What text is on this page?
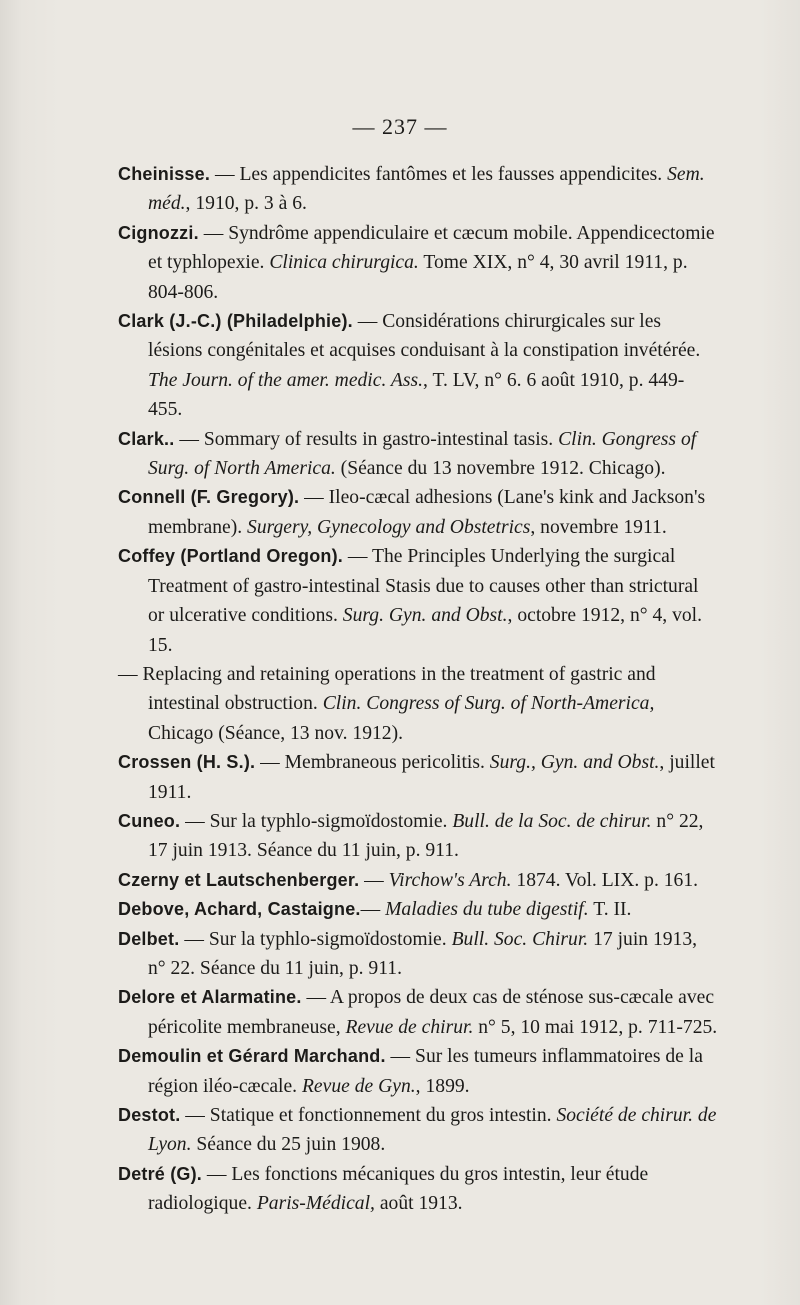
— 237 —
Cheinisse. — Les appendicites fantômes et les fausses appendicites. Sem. méd., 1910, p. 3 à 6.
Cignozzi. — Syndrôme appendiculaire et cæcum mobile. Appendicectomie et typhlopexie. Clinica chirurgica. Tome XIX, n° 4, 30 avril 1911, p. 804-806.
Clark (J.-C.) (Philadelphie). — Considérations chirurgicales sur les lésions congénitales et acquises conduisant à la constipation invétérée. The Journ. of the amer. medic. Ass., T. LV, n° 6. 6 août 1910, p. 449-455.
Clark.. — Sommary of results in gastro-intestinal tasis. Clin. Gongress of Surg. of North America. (Séance du 13 novembre 1912. Chicago).
Connell (F. Gregory). — Ileo-cæcal adhesions (Lane's kink and Jackson's membrane). Surgery, Gynecology and Obstetrics, novembre 1911.
Coffey (Portland Oregon). — The Principles Underlying the surgical Treatment of gastro-intestinal Stasis due to causes other than strictural or ulcerative conditions. Surg. Gyn. and Obst., octobre 1912, n° 4, vol. 15.
— Replacing and retaining operations in the treatment of gastric and intestinal obstruction. Clin. Congress of Surg. of North-America, Chicago (Séance, 13 nov. 1912).
Crossen (H. S.). — Membraneous pericolitis. Surg., Gyn. and Obst., juillet 1911.
Cuneo. — Sur la typhlo-sigmoïdostomie. Bull. de la Soc. de chirur. n° 22, 17 juin 1913. Séance du 11 juin, p. 911.
Czerny et Lautschenberger. — Virchow's Arch. 1874. Vol. LIX. p. 161.
Debove, Achard, Castaigne.— Maladies du tube digestif. T. II.
Delbet. — Sur la typhlo-sigmoïdostomie. Bull. Soc. Chirur. 17 juin 1913, n° 22. Séance du 11 juin, p. 911.
Delore et Alarmatine. — A propos de deux cas de sténose sus-cæcale avec péricolite membraneuse, Revue de chirur. n° 5, 10 mai 1912, p. 711-725.
Demoulin et Gérard Marchand. — Sur les tumeurs inflammatoires de la région iléo-cæcale. Revue de Gyn., 1899.
Destot. — Statique et fonctionnement du gros intestin. Société de chirur. de Lyon. Séance du 25 juin 1908.
Detré (G). — Les fonctions mécaniques du gros intestin, leur étude radiologique. Paris-Médical, août 1913.
